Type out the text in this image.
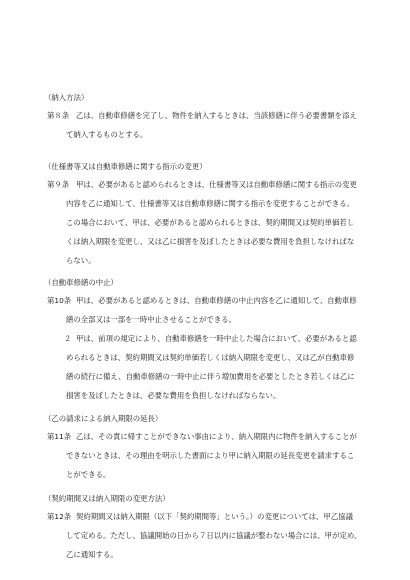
（納入方法）
第８条 乙は、自動車修繕を完了し、物件を納入するときは、当該修繕に伴う必要書類を添え
て納入するものとする。
（仕様書等又は自動車修繕に関する指示の変更）
第９条 甲は、必要があると認められるときは、仕様書等又は自動車修繕に関する指示の変更
内容を乙に通知して、仕様書等又は自動車修繕に関する指示を変更することができる。
この場合において、甲は、必要があると認められるときは、契約期間又は契約単価若し
くは納入期限を変更し、又は乙に損害を及ぼしたときは必要な費用を負担しなければな
らない。
（自動車修繕の中止）
第10条 甲は、必要があると認めるときは、自動車修繕の中止内容を乙に通知して、自動車修
繕の全部又は一部を一時中止させることができる。
２ 甲は、前項の規定により、自動車修繕を一時中止した場合において、必要があると認
められるときは、契約期間又は契約単価若しくは納入期限を変更し、又は乙が自動車修
繕の続行に備え、自動車修繕の一時中止に伴う増加費用を必要としたとき若しくは乙に
損害を及ぼしたときは、必要な費用を負担しなければならない。
（乙の請求による納入期限の延長）
第11条 乙は、その責に帰すことができない事由により、納入期限内に物件を納入することが
できないときは、その理由を明示した書面により甲に納入期限の延長変更を請求するこ
とができる。
（契約期間又は納入期限の変更方法）
第12条 契約期間又は納入期限（以下「契約期間等」という。）の変更については、甲乙協議
して定める。ただし、協議開始の日から７日以内に協議が整わない場合には、甲が定め、
乙に通知する。
